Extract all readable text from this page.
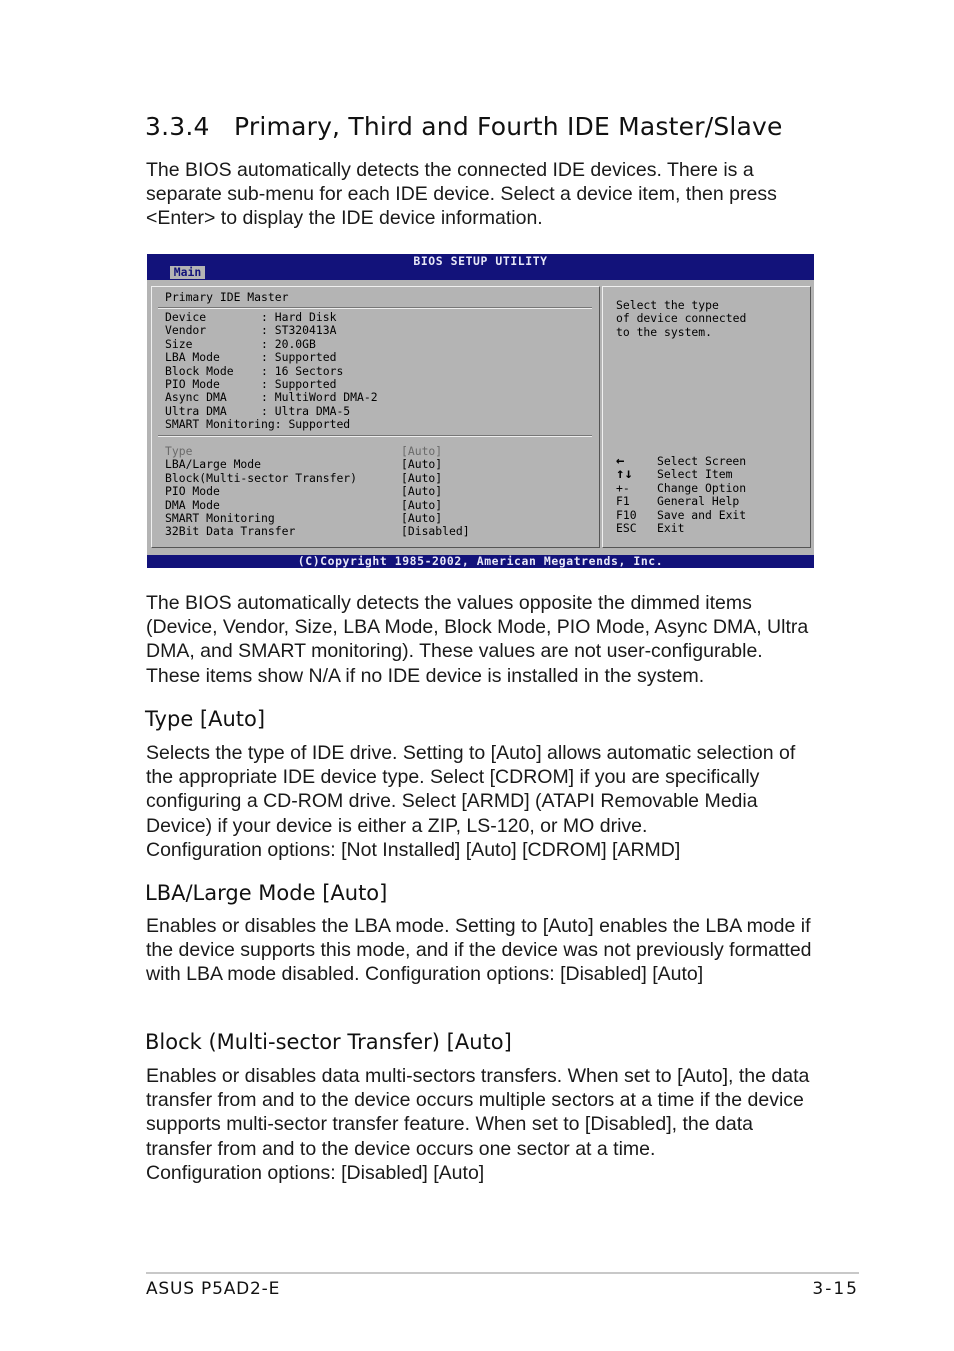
3.3.4   Primary, Third and Fourth IDE Master/Slave

The BIOS automatically detects the connected IDE devices. There is a separate sub-menu for each IDE device. Select a device item, then press <Enter> to display the IDE device information.

BIOS SETUP UTILITY
Main
Primary IDE Master
Device        : Hard Disk
Vendor        : ST320413A
Size          : 20.0GB
LBA Mode      : Supported
Block Mode    : 16 Sectors
PIO Mode      : Supported
Async DMA     : MultiWord DMA-2
Ultra DMA     : Ultra DMA-5
SMART Monitoring: Supported
Type	[Auto]
LBA/Large Mode	[Auto]
Block(Multi-sector Transfer)	[Auto]
PIO Mode	[Auto]
DMA Mode	[Auto]
SMART Monitoring	[Auto]
32Bit Data Transfer	[Disabled]
Select the type
of device connected
to the system.
←	Select Screen
↑↓	Select Item
+-	Change Option
F1	General Help
F10	Save and Exit
ESC	Exit
(C)Copyright 1985-2002, American Megatrends, Inc.

The BIOS automatically detects the values opposite the dimmed items (Device, Vendor, Size, LBA Mode, Block Mode, PIO Mode, Async DMA, Ultra DMA, and SMART monitoring). These values are not user-configurable. These items show N/A if no IDE device is installed in the system.

Type [Auto]

Selects the type of IDE drive. Setting to [Auto] allows automatic selection of the appropriate IDE device type. Select [CDROM] if you are specifically configuring a CD-ROM drive. Select [ARMD] (ATAPI Removable Media Device) if your device is either a ZIP, LS-120, or MO drive.

Configuration options: [Not Installed] [Auto] [CDROM] [ARMD]

LBA/Large Mode [Auto]

Enables or disables the LBA mode. Setting to [Auto] enables the LBA mode if the device supports this mode, and if the device was not previously formatted with LBA mode disabled. Configuration options: [Disabled] [Auto]

Block (Multi-sector Transfer) [Auto]

Enables or disables data multi-sectors transfers. When set to [Auto], the data transfer from and to the device occurs multiple sectors at a time if the device supports multi-sector transfer feature. When set to [Disabled], the data transfer from and to the device occurs one sector at a time.

Configuration options: [Disabled] [Auto]

ASUS P5AD2-E	3-15
